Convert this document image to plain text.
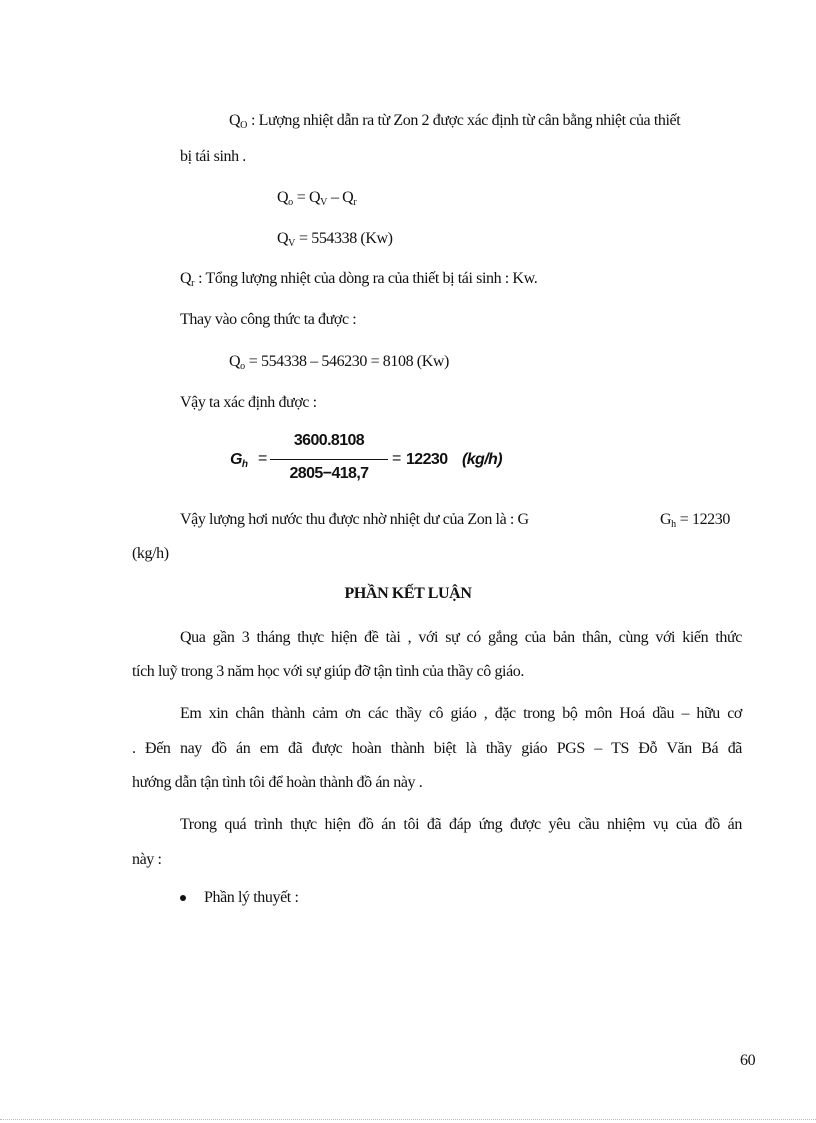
$Q_O$ : Lượng nhiệt dẫn ra từ Zon 2 được xác định từ cân bằng nhiệt của thiết
bị tái sinh .
$Q_o = Q_V - Q_r$
$Q_V = 554338$ (Kw)
$Q_r$ : Tổng lượng nhiệt của dòng ra của thiết bị tái sinh : Kw.
Thay vào công thức ta được :
$Q_o = 554338 - 546230 = 8108$ (Kw)
Vậy ta xác định được :
$G_h$ =
3600.8108
2805−418,7
= 12230 (kg/h)
Vậy lượng hơi nước thu được nhờ nhiệt dư của Zon là : G	$G_h = 12230$
(kg/h)
PHẦN KẾT LUẬN
Qua gần 3 tháng thực hiện đề tài , với sự có gắng của bản thân, cùng với kiến thức
tích luỹ trong 3 năm học với sự giúp đỡ tận tình của thầy cô giáo.
Em xin chân thành cảm ơn các thầy cô giáo , đặc trong bộ môn Hoá dầu – hữu cơ
. Đến nay đồ án em đã được hoàn thành biệt là thầy giáo PGS – TS Đỗ Văn Bá đã
hướng dẫn tận tình tôi để hoàn thành đồ án này .
Trong quá trình thực hiện đồ án tôi đã đáp ứng được yêu cầu nhiệm vụ của đồ án
này :
Phần lý thuyết :
60
